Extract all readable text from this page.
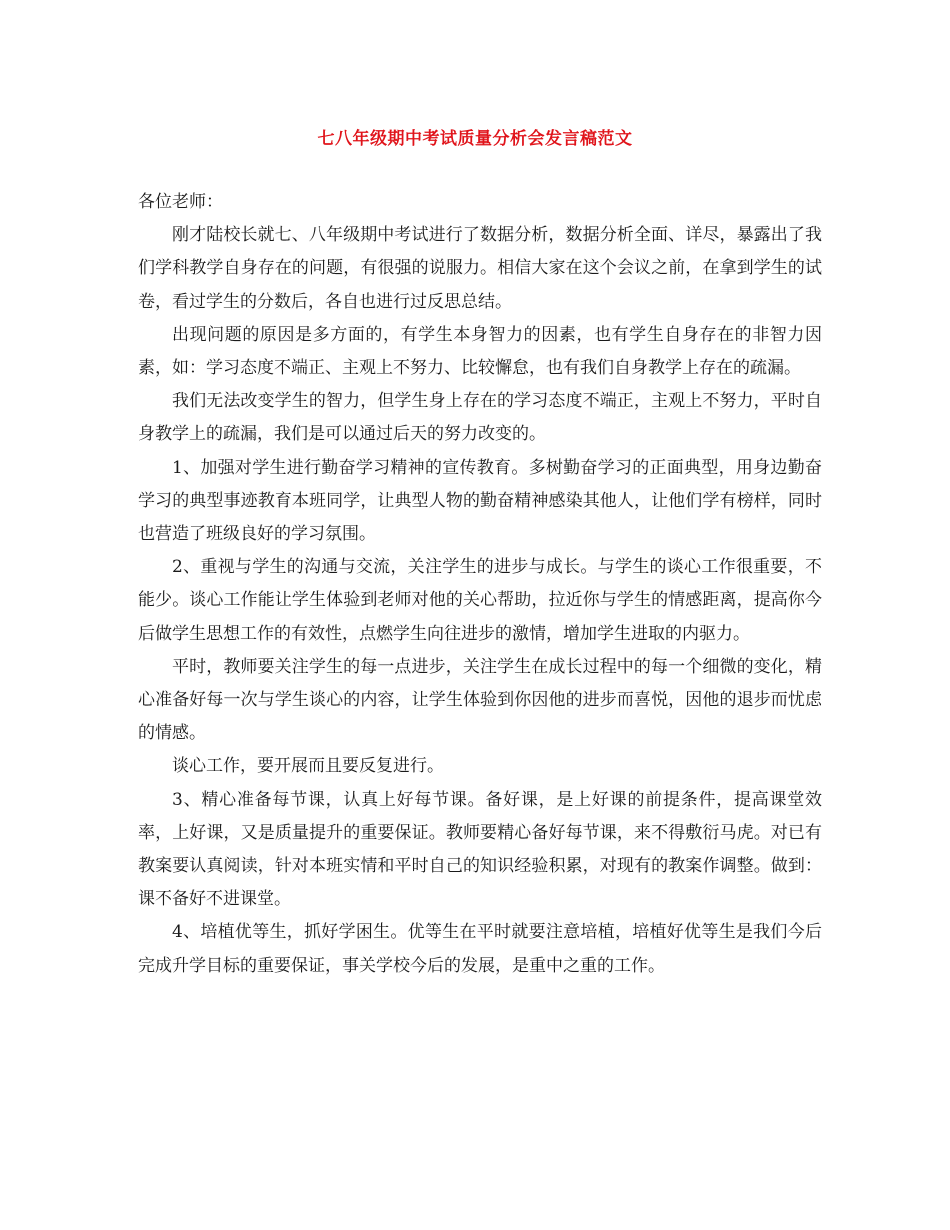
七八年级期中考试质量分析会发言稿范文

各位老师：

刚才陆校长就七、八年级期中考试进行了数据分析，数据分析全面、详尽，暴露出了我们学科教学自身存在的问题，有很强的说服力。相信大家在这个会议之前，在拿到学生的试卷，看过学生的分数后，各自也进行过反思总结。

出现问题的原因是多方面的，有学生本身智力的因素，也有学生自身存在的非智力因素，如：学习态度不端正、主观上不努力、比较懈怠，也有我们自身教学上存在的疏漏。

我们无法改变学生的智力，但学生身上存在的学习态度不端正，主观上不努力，平时自身教学上的疏漏，我们是可以通过后天的努力改变的。

1、加强对学生进行勤奋学习精神的宣传教育。多树勤奋学习的正面典型，用身边勤奋学习的典型事迹教育本班同学，让典型人物的勤奋精神感染其他人，让他们学有榜样，同时也营造了班级良好的学习氛围。

2、重视与学生的沟通与交流，关注学生的进步与成长。与学生的谈心工作很重要，不能少。谈心工作能让学生体验到老师对他的关心帮助，拉近你与学生的情感距离，提高你今后做学生思想工作的有效性，点燃学生向往进步的激情，增加学生进取的内驱力。

平时，教师要关注学生的每一点进步，关注学生在成长过程中的每一个细微的变化，精心准备好每一次与学生谈心的内容，让学生体验到你因他的进步而喜悦，因他的退步而忧虑的情感。

谈心工作，要开展而且要反复进行。

3、精心准备每节课，认真上好每节课。备好课，是上好课的前提条件，提高课堂效率，上好课，又是质量提升的重要保证。教师要精心备好每节课，来不得敷衍马虎。对已有教案要认真阅读，针对本班实情和平时自己的知识经验积累，对现有的教案作调整。做到：课不备好不进课堂。

4、培植优等生，抓好学困生。优等生在平时就要注意培植，培植好优等生是我们今后完成升学目标的重要保证，事关学校今后的发展，是重中之重的工作。
